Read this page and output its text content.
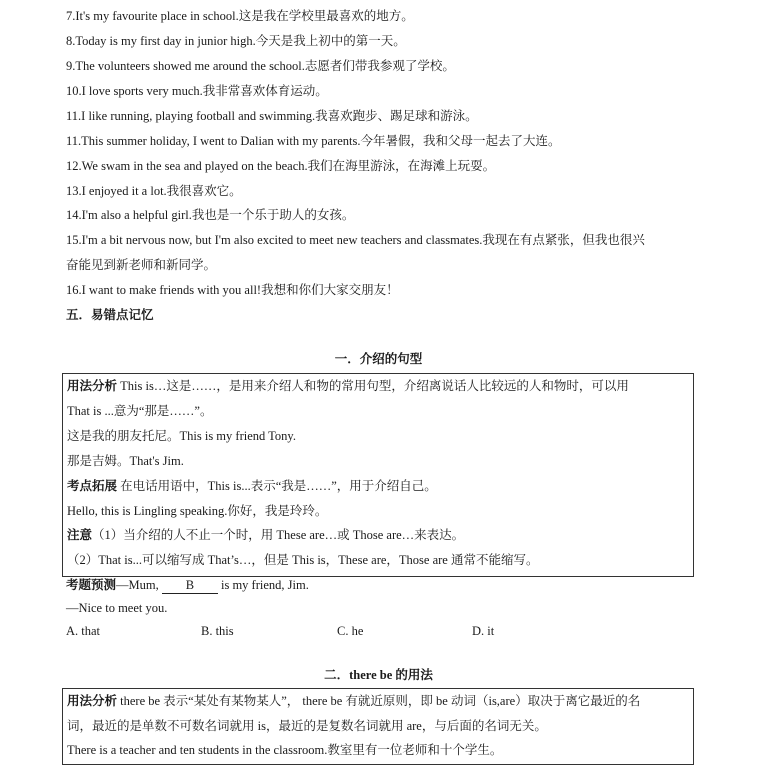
7.It's my favourite place in school.这是我在学校里最喜欢的地方。
8.Today is my first day in junior high.今天是我上初中的第一天。
9.The volunteers showed me around the school.志愿者们带我参观了学校。
10.I love sports very much.我非常喜欢体育运动。
11.I like running, playing football and swimming.我喜欢跑步、踢足球和游泳。
11.This summer holiday, I went to Dalian with my parents.今年暑假，我和父母一起去了大连。
12.We swam in the sea and played on the beach.我们在海里游泳，在海滩上玩耍。
13.I enjoyed it a lot.我很喜欢它。
14.I'm also a helpful girl.我也是一个乐于助人的女孩。
15.I'm a bit nervous now, but I'm also excited to meet new teachers and classmates.我现在有点紧张，但我也很兴
奋能见到新老师和新同学。
16.I want to make friends with you all!我想和你们大家交朋友！
五．易错点记忆
一．介绍的句型
用法分析 This is…这是……，是用来介绍人和物的常用句型，介绍离说话人比较远的人和物时，可以用
That is ...意为“那是……”。
这是我的朋友托尼。This is my friend Tony.
那是吉姆。That's Jim.
考点拓展 在电话用语中，This is...表示“我是……”，用于介绍自己。
Hello, this is Lingling speaking.你好，我是玲玲。
注意（1）当介绍的人不止一个时，用 These are…或 Those are…来表达。
（2）That is...可以缩写成 That’s…，但是 This is，These are，Those are 通常不能缩写。
考题预测—Mum, B is my friend, Jim.
—Nice to meet you.
A. that	B. this	C. he	D. it
二．there be 的用法
用法分析 there be 表示“某处有某物某人”， there be 有就近原则，即 be 动词（is,are）取决于离它最近的名
词，最近的是单数不可数名词就用 is，最近的是复数名词就用 are，与后面的名词无关。
There is a teacher and ten students in the classroom.教室里有一位老师和十个学生。
